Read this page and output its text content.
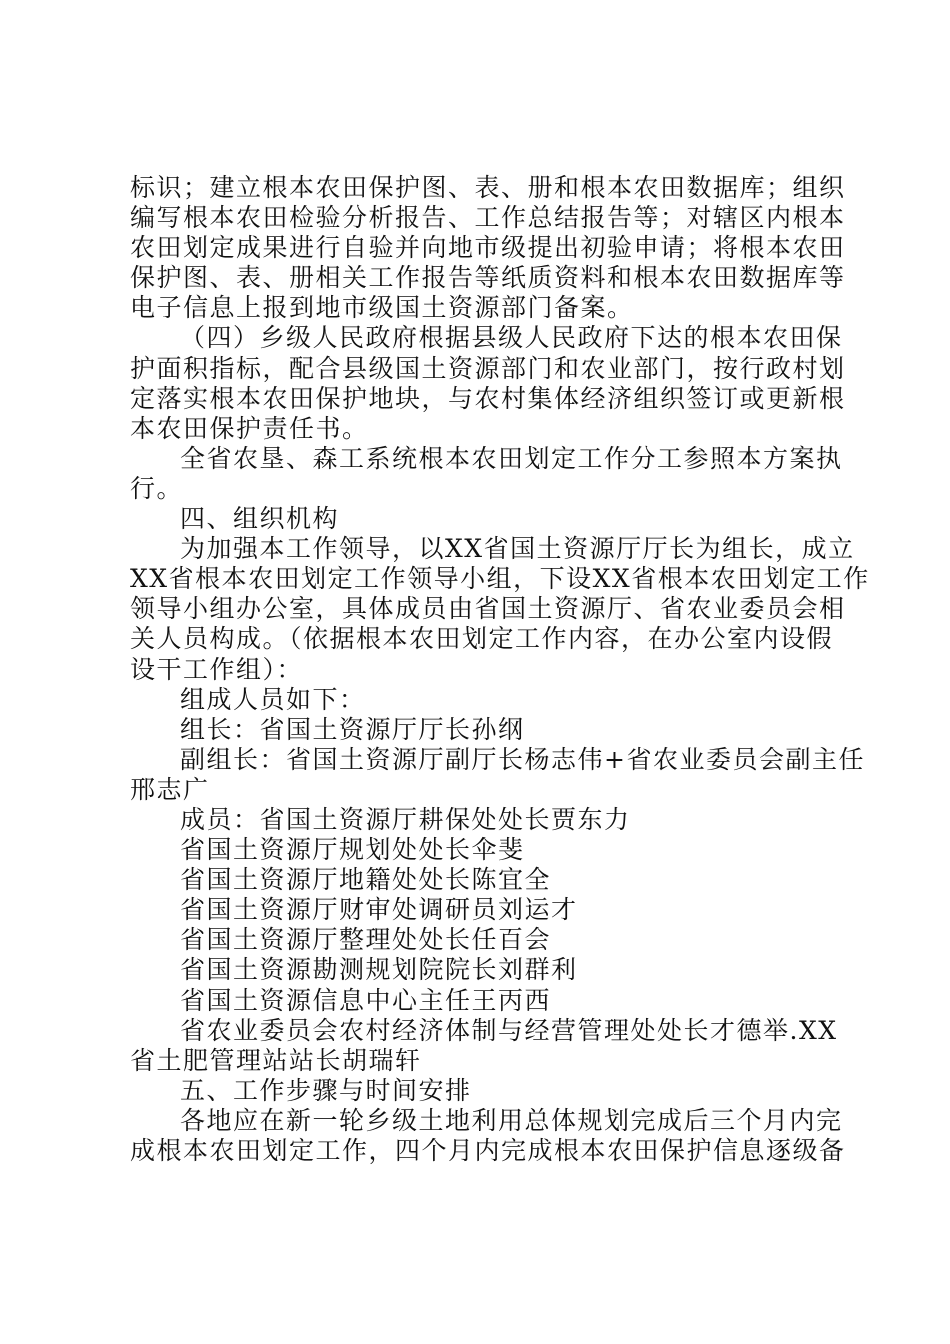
标识；建立根本农田保护图、表、册和根本农田数据库；组织
编写根本农田检验分析报告、工作总结报告等；对辖区内根本
农田划定成果进行自验并向地市级提出初验申请；将根本农田
保护图、表、册相关工作报告等纸质资料和根本农田数据库等
电子信息上报到地市级国土资源部门备案。
（四）乡级人民政府根据县级人民政府下达的根本农田保
护面积指标，配合县级国土资源部门和农业部门，按行政村划
定落实根本农田保护地块，与农村集体经济组织签订或更新根
本农田保护责任书。
全省农垦、森工系统根本农田划定工作分工参照本方案执
行。
四、组织机构
为加强本工作领导，以XX省国土资源厅厅长为组长，成立
XX省根本农田划定工作领导小组，下设XX省根本农田划定工作
领导小组办公室，具体成员由省国土资源厅、省农业委员会相
关人员构成。（依据根本农田划定工作内容，在办公室内设假
设干工作组）：
组成人员如下：
组长：省国土资源厅厅长孙纲
副组长：省国土资源厅副厅长杨志伟+省农业委员会副主任
邢志广
成员：省国土资源厅耕保处处长贾东力
省国土资源厅规划处处长伞斐
省国土资源厅地籍处处长陈宜全
省国土资源厅财审处调研员刘运才
省国土资源厅整理处处长任百会
省国土资源勘测规划院院长刘群利
省国土资源信息中心主任王丙西
省农业委员会农村经济体制与经营管理处处长才德举.XX
省土肥管理站站长胡瑞轩
五、工作步骤与时间安排
各地应在新一轮乡级土地利用总体规划完成后三个月内完
成根本农田划定工作，四个月内完成根本农田保护信息逐级备
